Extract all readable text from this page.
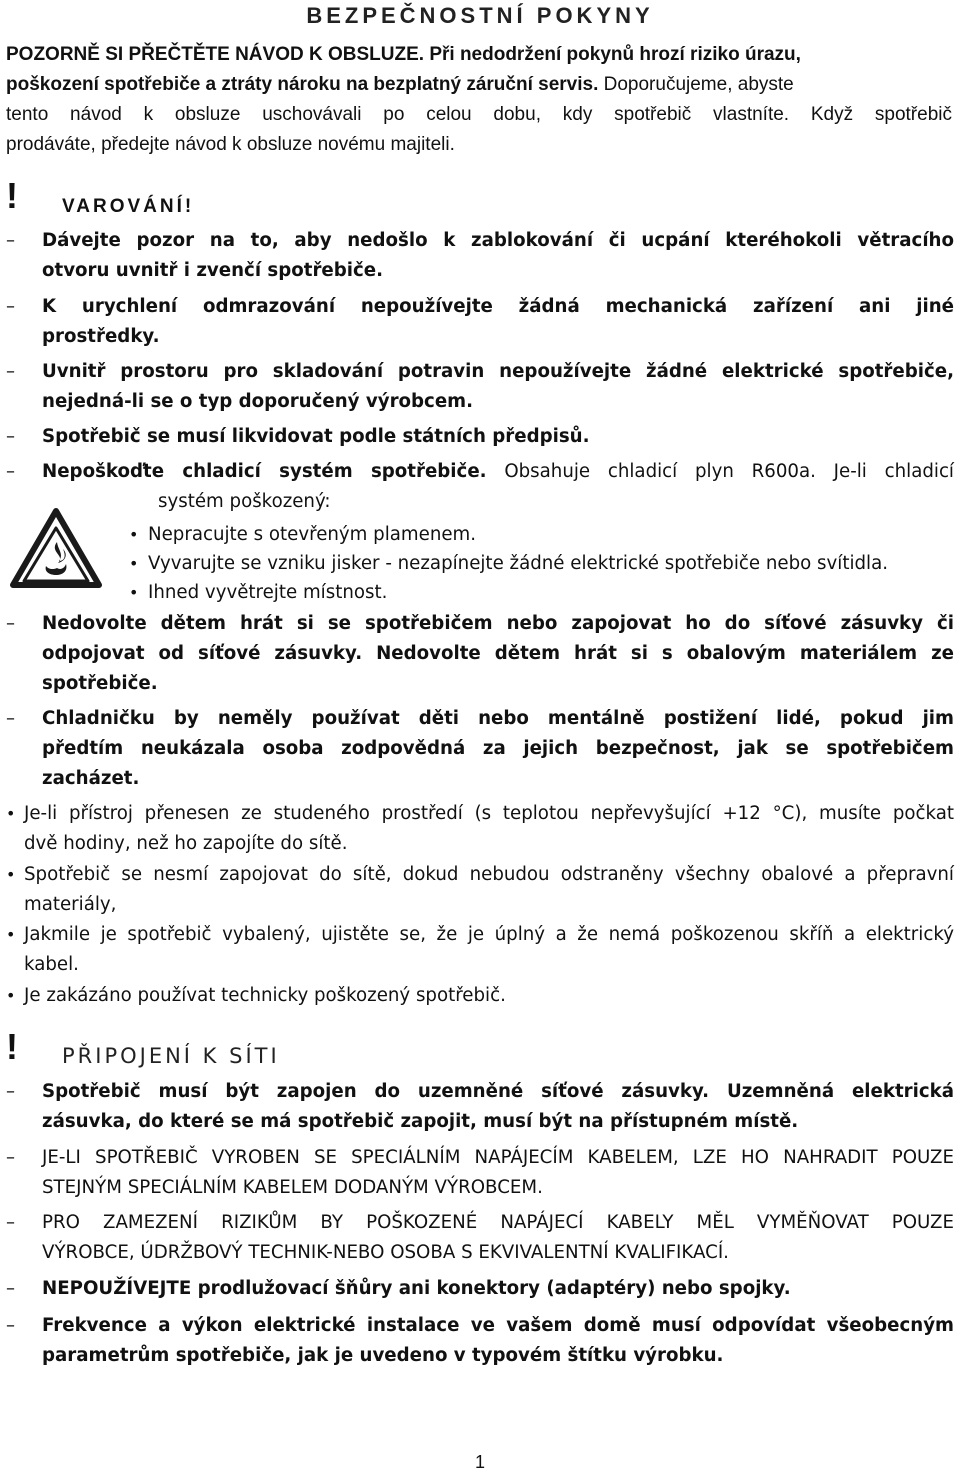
BEZPEČNOSTNÍ POKYNY
POZORNĚ SI PŘEČTĚTE NÁVOD K OBSLUZE. Při nedodržení pokynů hrozí riziko úrazu,
poškození spotřebiče a ztráty nároku na bezplatný záruční servis. Doporučujeme, abyste
tento návod k obsluze uschovávali po celou dobu, kdy spotřebič vlastníte. Když spotřebič
prodáváte, předejte návod k obsluze novému majiteli.
!	VAROVÁNÍ!
– Dávejte pozor na to, aby nedošlo k zablokování či ucpání kteréhokoli větracího
otvoru uvnitř i zvenčí spotřebiče.
– K urychlení odmrazování nepoužívejte žádná mechanická zařízení ani jiné
prostředky.
– Uvnitř prostoru pro skladování potravin nepoužívejte žádné elektrické spotřebiče,
nejedná-li se o typ doporučený výrobcem.
– Spotřebič se musí likvidovat podle státních předpisů.
– Nepoškoďte chladicí systém spotřebiče. Obsahuje chladicí plyn R600a. Je-li chladicí
systém poškozený:
• Nepracujte s otevřeným plamenem.
• Vyvarujte se vzniku jisker - nezapínejte žádné elektrické spotřebiče nebo svítidla.
• Ihned vyvětrejte místnost.
– Nedovolte dětem hrát si se spotřebičem nebo zapojovat ho do síťové zásuvky či
odpojovat od síťové zásuvky. Nedovolte dětem hrát si s obalovým materiálem ze
spotřebiče.
– Chladničku by neměly používat děti nebo mentálně postižení lidé, pokud jim
předtím neukázala osoba zodpovědná za jejich bezpečnost, jak se spotřebičem
zacházet.
• Je-li přístroj přenesen ze studeného prostředí (s teplotou nepřevyšující +12 °C), musíte počkat
dvě hodiny, než ho zapojíte do sítě.
• Spotřebič se nesmí zapojovat do sítě, dokud nebudou odstraněny všechny obalové a přepravní
materiály,
• Jakmile je spotřebič vybalený, ujistěte se, že je úplný a že nemá poškozenou skříň a elektrický
kabel.
• Je zakázáno používat technicky poškozený spotřebič.
!	PŘIPOJENÍ K SÍTI
– Spotřebič musí být zapojen do uzemněné síťové zásuvky. Uzemněná elektrická
zásuvka, do které se má spotřebič zapojit, musí být na přístupném místě.
– JE-LI SPOTŘEBIČ VYROBEN SE SPECIÁLNÍM NAPÁJECÍM KABELEM, LZE HO NAHRADIT POUZE
STEJNÝM SPECIÁLNÍM KABELEM DODANÝM VÝROBCEM.
– PRO ZAMEZENÍ RIZIKŮM BY POŠKOZENÉ NAPÁJECÍ KABELY MĚL VYMĚŇOVAT POUZE
VÝROBCE, ÚDRŽBOVÝ TECHNIK-NEBO OSOBA S EKVIVALENTNÍ KVALIFIKACÍ.
– NEPOUŽÍVEJTE prodlužovací šňůry ani konektory (adaptéry) nebo spojky.
– Frekvence a výkon elektrické instalace ve vašem domě musí odpovídat všeobecným
parametrům spotřebiče, jak je uvedeno v typovém štítku výrobku.
1
